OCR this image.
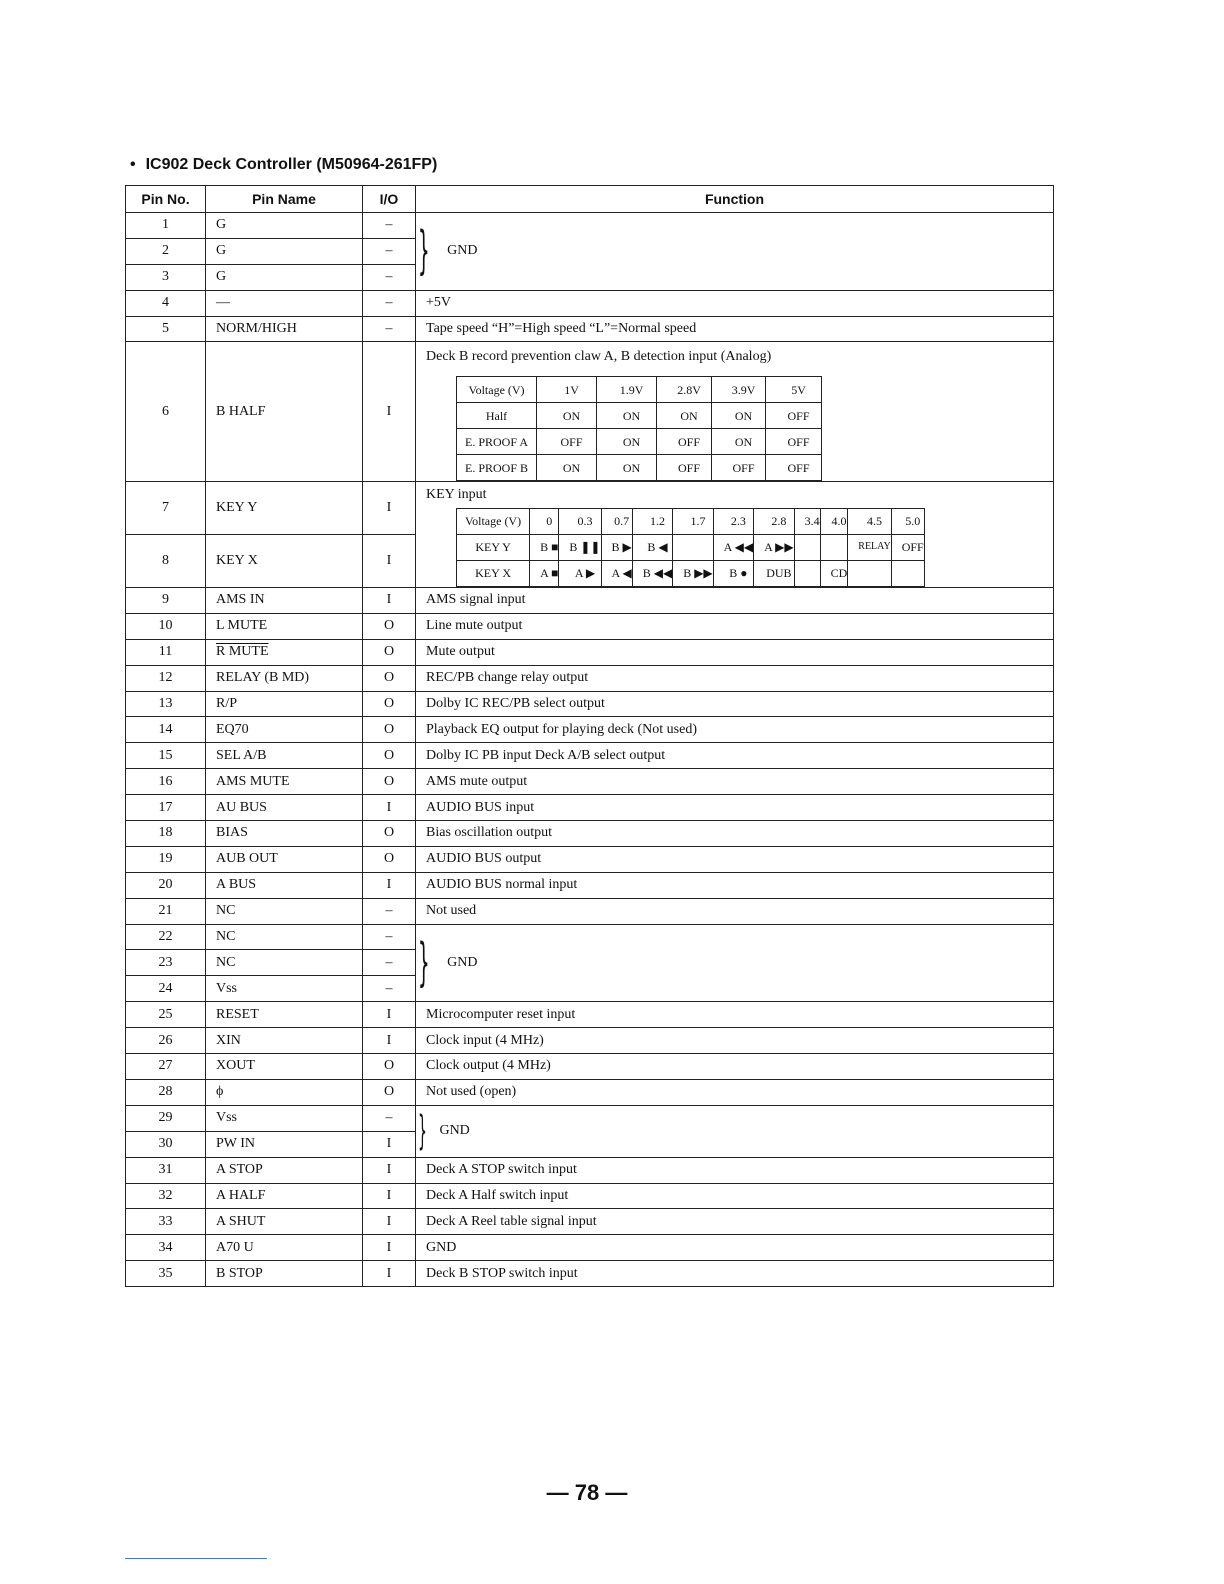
• IC902 Deck Controller (M50964-261FP)
Pin No.	Pin Name	I/O	Function
1	G	–	} GND
2	G	–
3	G	–
4	—	–	+5V
5	NORM/HIGH	–	Tape speed “H”=High speed “L”=Normal speed
6	B HALF	I	
Deck B record prevention claw A, B detection input (Analog)
Voltage (V)	1V	1.9V	2.8V	3.9V	5V
Half	ON	ON	ON	ON	OFF
E. PROOF A	OFF	ON	OFF	ON	OFF
E. PROOF B	ON	ON	OFF	OFF	OFF

7	KEY Y	I	
KEY input
Voltage (V)	0	0.3	0.7	1.2	1.7	2.3	2.8	3.4	4.0	4.5	5.0
KEY Y	B ■	B ❚❚	B ▶	B ◀		A ◀◀	A ▶▶			RELAY	OFF
KEY X	A ■	A ▶	A ◀	B ◀◀	B ▶▶	B ●	DUB		CD		

8	KEY X	I
9	AMS IN	I	AMS signal input
10	L MUTE	O	Line mute output
11	R MUTE	O	Mute output
12	RELAY (B MD)	O	REC/PB change relay output
13	R/P	O	Dolby IC REC/PB select output
14	EQ70	O	Playback EQ output for playing deck (Not used)
15	SEL A/B	O	Dolby IC PB input Deck A/B select output
16	AMS MUTE	O	AMS mute output
17	AU BUS	I	AUDIO BUS input
18	BIAS	O	Bias oscillation output
19	AUB OUT	O	AUDIO BUS output
20	A BUS	I	AUDIO BUS normal input
21	NC	–	Not used
22	NC	–	} GND
23	NC	–
24	Vss	–
25	RESET	I	Microcomputer reset input
26	XIN	I	Clock input (4 MHz)
27	XOUT	O	Clock output (4 MHz)
28	ϕ	O	Not used (open)
29	Vss	–	} GND
30	PW IN	I
31	A STOP	I	Deck A STOP switch input
32	A HALF	I	Deck A Half switch input
33	A SHUT	I	Deck A Reel table signal input
34	A70 U	I	GND
35	B STOP	I	Deck B STOP switch input
— 78 —
